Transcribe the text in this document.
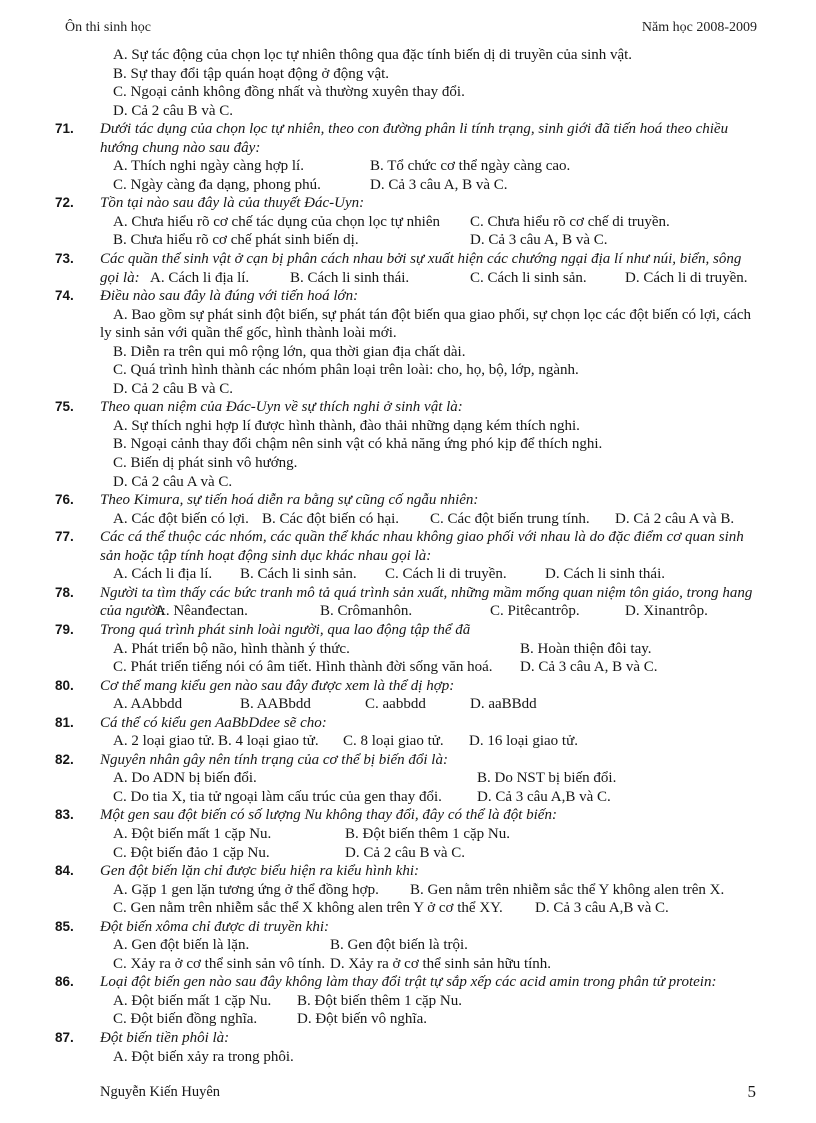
Ôn thi sinh học	Năm học 2008-2009
A. Sự tác động của chọn lọc tự nhiên thông qua đặc tính biến dị di truyền của sinh vật.
B. Sự thay đổi tập quán hoạt động ở động vật.
C. Ngoại cảnh không đồng nhất và thường xuyên thay đổi.
D. Cả 2 câu B và C.
71. Dưới tác dụng của chọn lọc tự nhiên, theo con đường phân li tính trạng, sinh giới đã tiến hoá theo chiều
hướng chung nào sau đây:
A. Thích nghi ngày càng hợp lí.	B. Tổ chức cơ thể ngày càng cao.
C. Ngày càng đa dạng, phong phú.	D. Cả 3 câu A, B và C.
72. Tồn tại nào sau đây là của thuyết Đác-Uyn:
A. Chưa hiểu rõ cơ chế tác dụng của chọn lọc tự nhiên C. Chưa hiểu rõ cơ chế di truyền.
B. Chưa hiểu rõ cơ chế phát sinh biến dị.	D. Cả 3 câu A, B và C.
73. Các quần thể sinh vật ở cạn bị phân cách nhau bởi sự xuất hiện các chướng ngại địa lí như núi, biển, sông
gọi là: A. Cách li địa lí.	B. Cách li sinh thái.	C. Cách li sinh sản.	D. Cách li di truyền.
74. Điều nào sau đây là đúng với tiến hoá lớn:
A. Bao gồm sự phát sinh đột biến, sự phát tán đột biến qua giao phối, sự chọn lọc các đột biến có lợi, cách
ly sinh sản với quần thể gốc, hình thành loài mới.
B. Diễn ra trên qui mô rộng lớn, qua thời gian địa chất dài.
C. Quá trình hình thành các nhóm phân loại trên loài: cho, họ, bộ, lớp, ngành.
D. Cả 2 câu B và C.
75. Theo quan niệm của Đác-Uyn về sự thích nghi ở sinh vật là:
A. Sự thích nghi hợp lí được hình thành, đào thải những dạng kém thích nghi.
B. Ngoại cảnh thay đổi chậm nên sinh vật có khả năng ứng phó kịp để thích nghi.
C. Biến dị phát sinh vô hướng.
D. Cả 2 câu A và C.
76. Theo Kimura, sự tiến hoá diễn ra bằng sự cũng cố ngẫu nhiên:
A. Các đột biến có lợi. B. Các đột biến có hại. C. Các đột biến trung tính. D. Cả 2 câu A và B.
77. Các cá thể thuộc các nhóm, các quần thể khác nhau không giao phối với nhau là do đặc điểm cơ quan sinh
sản hoặc tập tính hoạt động sinh dục khác nhau gọi là:
A. Cách li địa lí. B. Cách li sinh sản. C. Cách li di truyền.	D. Cách li sinh thái.
78. Người ta tìm thấy các bức tranh mô tả quá trình sản xuất, những mầm mống quan niệm tôn giáo, trong hang
của người:
A. Nêanđectan.	B. Crômanhôn.	C. Pitêcantrôp.	D. Xinantrôp.
79. Trong quá trình phát sinh loài người, qua lao động tập thể đã
A. Phát triển bộ não, hình thành ý thức.	B. Hoàn thiện đôi tay.
C. Phát triển tiếng nói có âm tiết. Hình thành đời sống văn hoá. D. Cả 3 câu A, B và C.
80. Cơ thể mang kiểu gen nào sau đây được xem là thể dị hợp:
A. AAbbdd	B. AABbdd	C. aabbdd	D. aaBBdd
81. Cá thể có kiểu gen AaBbDdee sẽ cho:
A. 2 loại giao tử. B. 4 loại giao tử. C. 8 loại giao tử. D. 16 loại giao tử.
82. Nguyên nhân gây nên tính trạng của cơ thể bị biến đổi là:
A. Do ADN bị biến đổi.	B. Do NST bị biến đổi.
C. Do tia X, tia tử ngoại làm cấu trúc của gen thay đổi. D. Cả 3 câu A,B và C.
83. Một gen sau đột biến có số lượng Nu không thay đổi, đây có thể là đột biến:
A. Đột biến mất 1 cặp Nu.	B. Đột biến thêm 1 cặp Nu.
C. Đột biến đảo 1 cặp Nu.	D. Cả 2 câu B và C.
84. Gen đột biến lặn chỉ được biểu hiện ra kiểu hình khi:
A. Gặp 1 gen lặn tương ứng ở thể đồng hợp. B. Gen nằm trên nhiễm sắc thể Y không alen trên X.
C. Gen nằm trên nhiễm sắc thể X không alen trên Y ở cơ thể XY. D. Cả 3 câu A,B và C.
85. Đột biến xôma chỉ được di truyền khi:
A. Gen đột biến là lặn.	B. Gen đột biến là trội.
C. Xảy ra ở cơ thể sinh sản vô tính. D. Xảy ra ở cơ thể sinh sản hữu tính.
86. Loại đột biến gen nào sau đây không làm thay đổi trật tự sắp xếp các acid amin trong phân tử protein:
A. Đột biến mất 1 cặp Nu. B. Đột biến thêm 1 cặp Nu.
C. Đột biến đồng nghĩa.	D. Đột biến vô nghĩa.
87. Đột biến tiền phôi là:
A. Đột biến xảy ra trong phôi.
Nguyễn Kiến Huyên	5
